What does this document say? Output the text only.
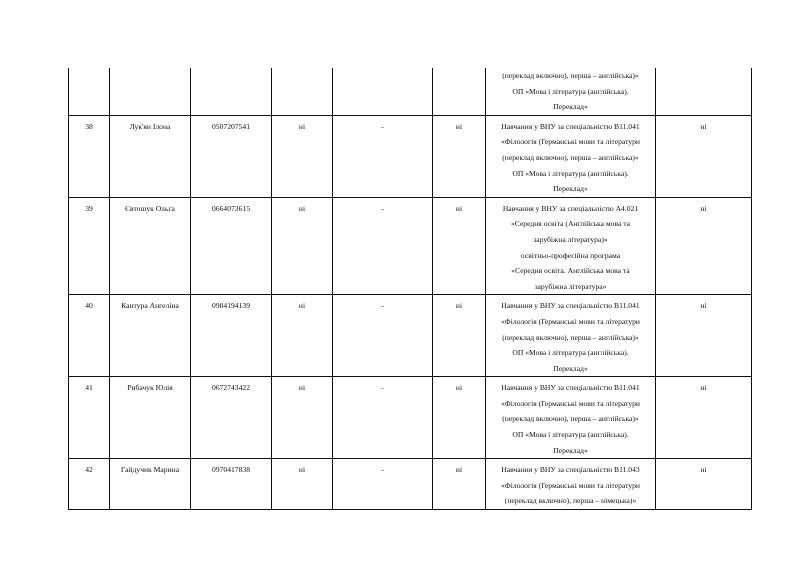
						(переклад включно), перша – англійська)»
ОП «Мова і література (англійська).
Переклад»	

38	Лук'ян Ілона	0507207541	ні	-	ні	Навчання у ВНУ за спеціальністю В11.041
«Філологія (Германські мови та літератури
(переклад включно), перша – англійська)»
ОП «Мова і література (англійська).
Переклад»	ні
39	Євтошук Ольга	0664073615	ні	-	ні	Навчання у ВНУ за спеціальністю А4.021
«Середня освіта (Англійська мова та
зарубіжна література)»
освітньо-професійна програма
«Середня освіта. Англійська мова та
зарубіжна література»
	ні
40	Кантура Ангеліна	0984194139	ні	-	ні	Навчання у ВНУ за спеціальністю В11.041
«Філологія (Германські мови та літератури
(переклад включно), перша – англійська)»
ОП «Мова і література (англійська).
Переклад»	ні
41	Рибачук Юлія	0672743422	ні	-	ні	Навчання у ВНУ за спеціальністю В11.041
«Філологія (Германські мови та літератури
(переклад включно), перша – англійська)»
ОП «Мова і література (англійська).
Переклад»	ні
42	Гайдучик Марина	0970417838	ні	-	ні	Навчання у ВНУ за спеціальністю В11.043
«Філологія (Германські мови та літератури
(переклад включно), перша – німецька)»	ні
